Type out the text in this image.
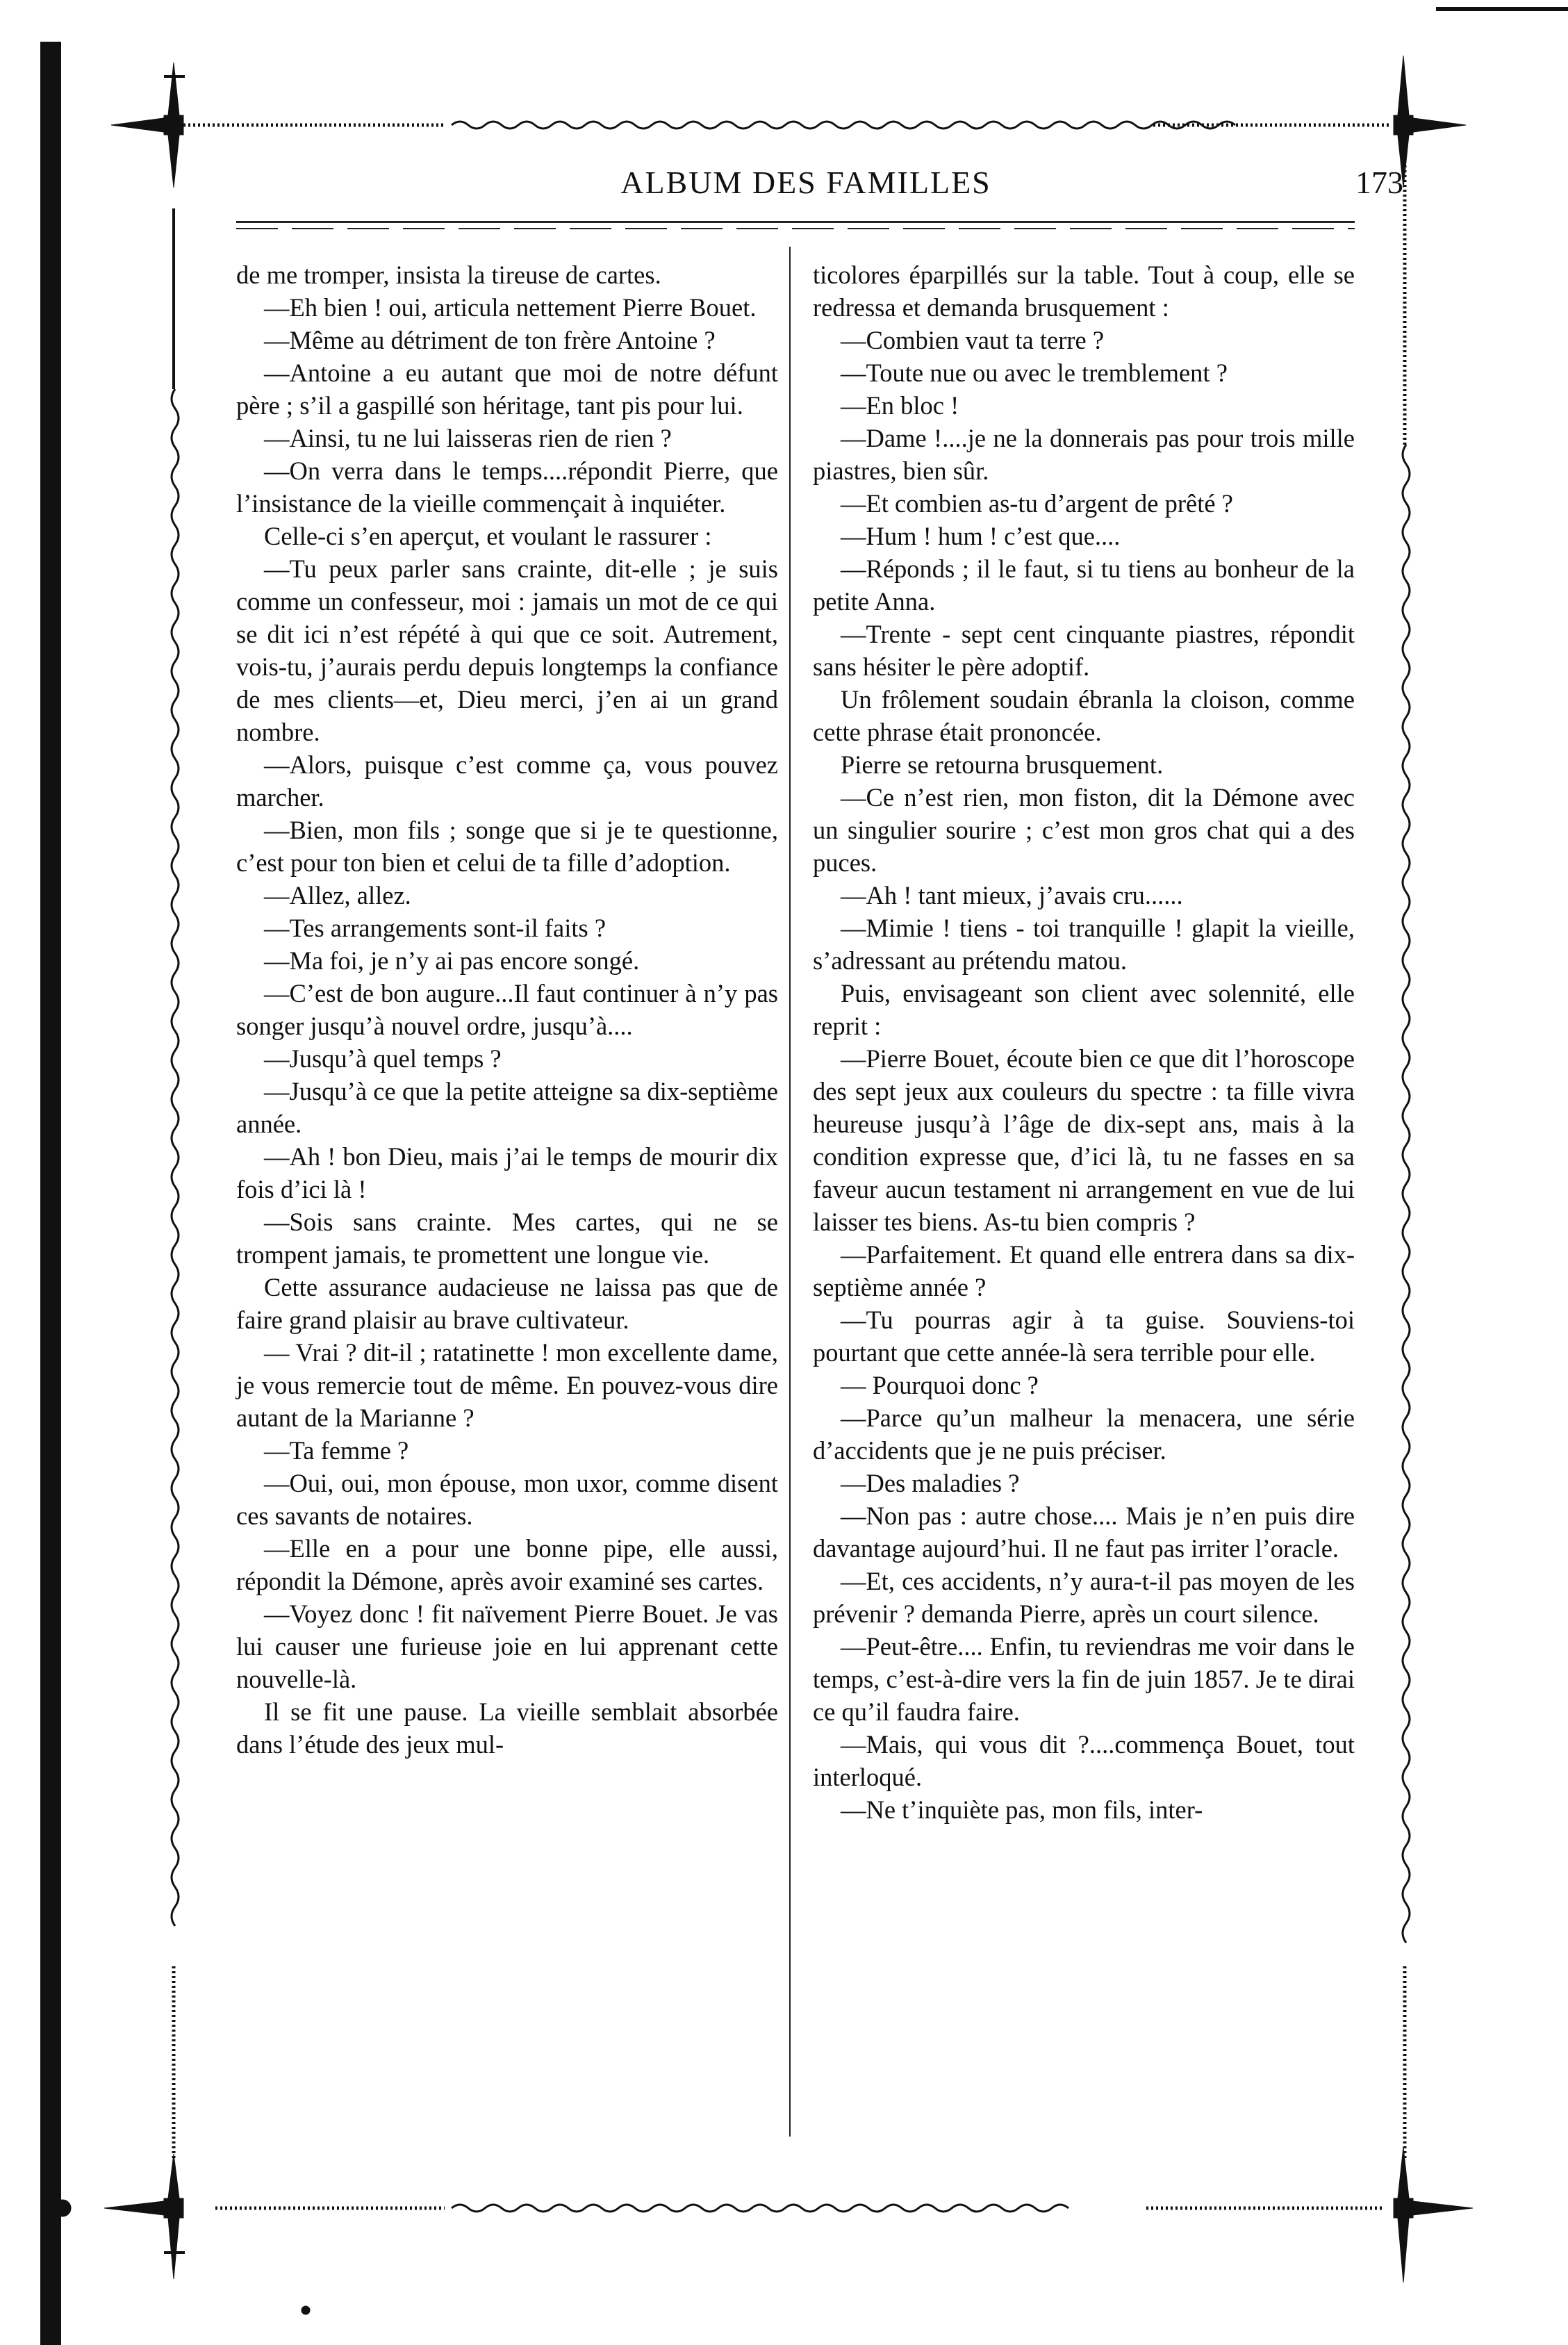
ALBUM DES FAMILLES	173

de me tromper, insista la tireuse de cartes.

—Eh bien ! oui, articula nettement Pierre Bouet.

—Même au détriment de ton frère Antoine ?

—Antoine a eu autant que moi de notre défunt père ; s’il a gaspillé son héritage, tant pis pour lui.

—Ainsi, tu ne lui laisseras rien de rien ?

—On verra dans le temps....répondit Pierre, que l’insistance de la vieille commençait à inquiéter.

Celle-ci s’en aperçut, et voulant le rassurer :

—Tu peux parler sans crainte, dit-elle ; je suis comme un confesseur, moi : jamais un mot de ce qui se dit ici n’est répété à qui que ce soit. Autrement, vois-tu, j’aurais perdu depuis longtemps la confiance de mes clients—et, Dieu merci, j’en ai un grand nombre.

—Alors, puisque c’est comme ça, vous pouvez marcher.

—Bien, mon fils ; songe que si je te questionne, c’est pour ton bien et celui de ta fille d’adoption.

—Allez, allez.

—Tes arrangements sont-il faits ?

—Ma foi, je n’y ai pas encore songé.

—C’est de bon augure...Il faut continuer à n’y pas songer jusqu’à nouvel ordre, jusqu’à....

—Jusqu’à quel temps ?

—Jusqu’à ce que la petite atteigne sa dix-septième année.

—Ah ! bon Dieu, mais j’ai le temps de mourir dix fois d’ici là !

—Sois sans crainte. Mes cartes, qui ne se trompent jamais, te promettent une longue vie.

Cette assurance audacieuse ne laissa pas que de faire grand plaisir au brave cultivateur.

— Vrai ? dit-il ; ratatinette ! mon excellente dame, je vous remercie tout de même. En pouvez-vous dire autant de la Marianne ?

—Ta femme ?

—Oui, oui, mon épouse, mon uxor, comme disent ces savants de notaires.

—Elle en a pour une bonne pipe, elle aussi, répondit la Démone, après avoir examiné ses cartes.

—Voyez donc ! fit naïvement Pierre Bouet. Je vas lui causer une furieuse joie en lui apprenant cette nouvelle-là.

Il se fit une pause. La vieille semblait absorbée dans l’étude des jeux mul-

ticolores éparpillés sur la table. Tout à coup, elle se redressa et demanda brusquement :

—Combien vaut ta terre ?

—Toute nue ou avec le tremblement ?

—En bloc !

—Dame !....je ne la donnerais pas pour trois mille piastres, bien sûr.

—Et combien as-tu d’argent de prêté ?

—Hum ! hum ! c’est que....

—Réponds ; il le faut, si tu tiens au bonheur de la petite Anna.

—Trente - sept cent cinquante piastres, répondit sans hésiter le père adoptif.

Un frôlement soudain ébranla la cloison, comme cette phrase était prononcée.

Pierre se retourna brusquement.

—Ce n’est rien, mon fiston, dit la Démone avec un singulier sourire ; c’est mon gros chat qui a des puces.

—Ah ! tant mieux, j’avais cru......

—Mimie ! tiens - toi tranquille ! glapit la vieille, s’adressant au prétendu matou.

Puis, envisageant son client avec solennité, elle reprit :

—Pierre Bouet, écoute bien ce que dit l’horoscope des sept jeux aux couleurs du spectre : ta fille vivra heureuse jusqu’à l’âge de dix-sept ans, mais à la condition expresse que, d’ici là, tu ne fasses en sa faveur aucun testament ni arrangement en vue de lui laisser tes biens. As-tu bien compris ?

—Parfaitement. Et quand elle entrera dans sa dix-septième année ?

—Tu pourras agir à ta guise. Souviens-toi pourtant que cette année-là sera terrible pour elle.

— Pourquoi donc ?

—Parce qu’un malheur la menacera, une série d’accidents que je ne puis préciser.

—Des maladies ?

—Non pas : autre chose.... Mais je n’en puis dire davantage aujourd’hui. Il ne faut pas irriter l’oracle.

—Et, ces accidents, n’y aura-t-il pas moyen de les prévenir ? demanda Pierre, après un court silence.

—Peut-être.... Enfin, tu reviendras me voir dans le temps, c’est-à-dire vers la fin de juin 1857. Je te dirai ce qu’il faudra faire.

—Mais, qui vous dit ?....commença Bouet, tout interloqué.

—Ne t’inquiète pas, mon fils, inter-
